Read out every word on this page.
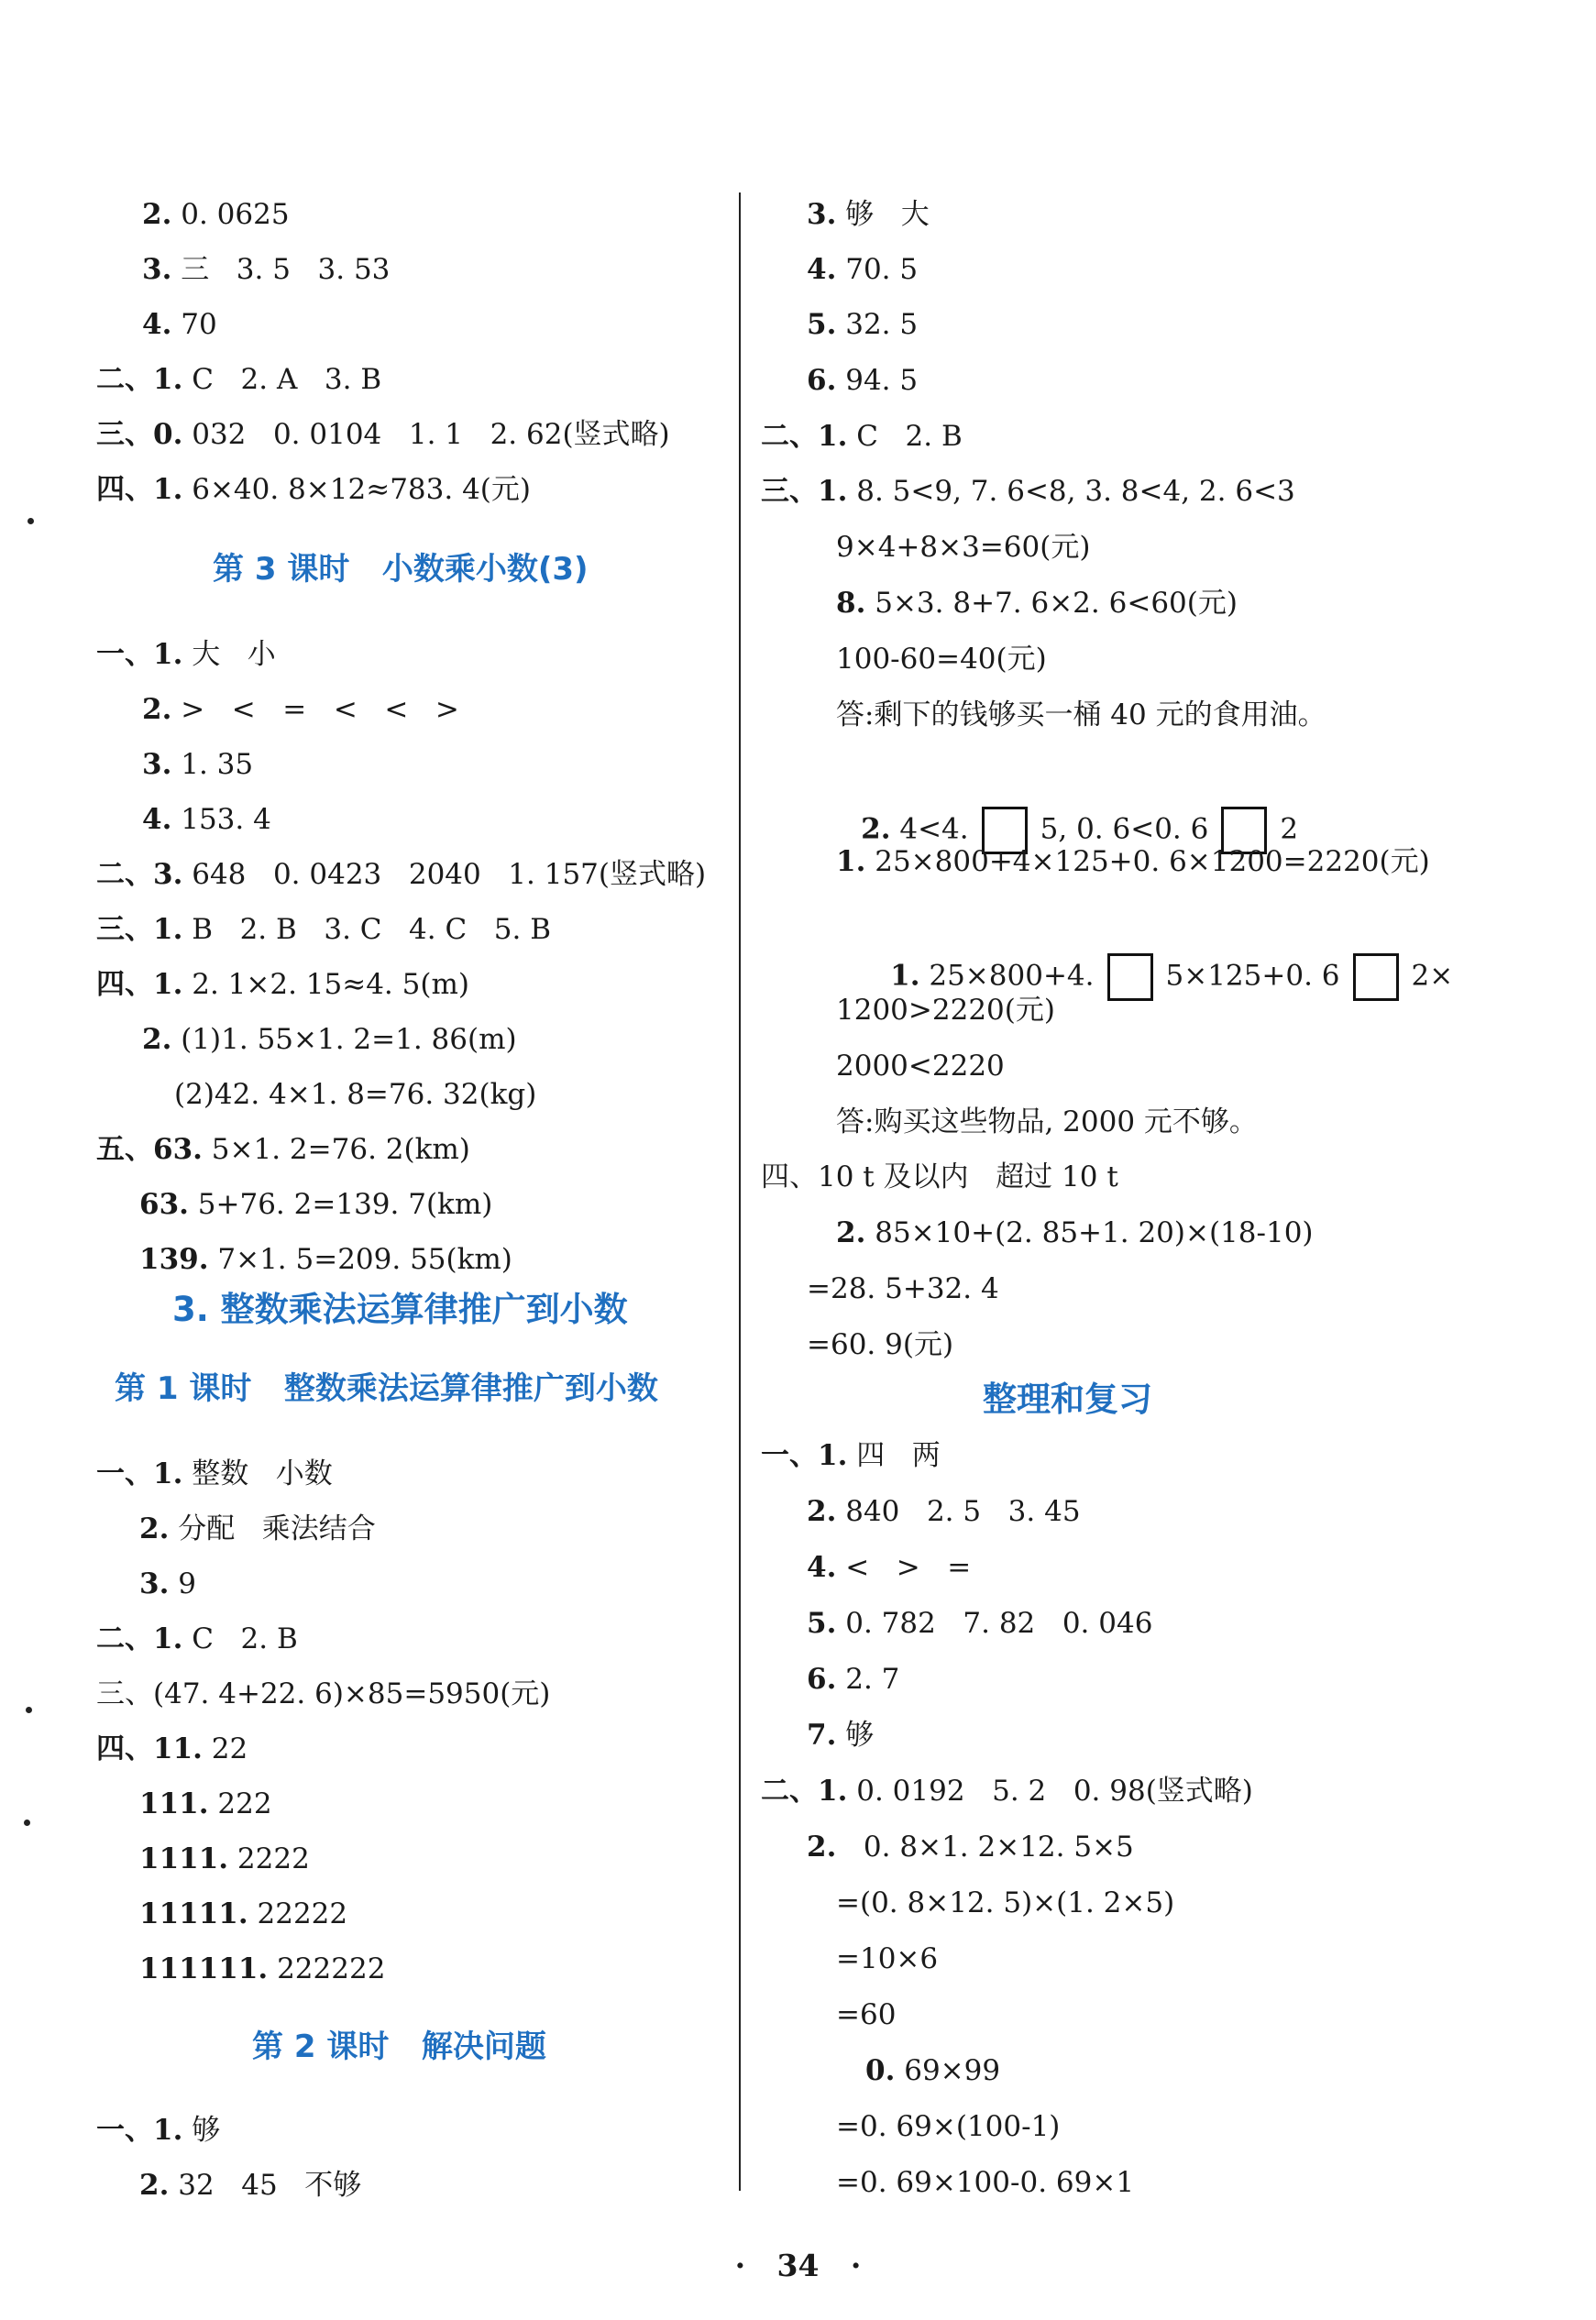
2. 0. 0625
3. 三   3. 5   3. 53
4. 70
二、1. C   2. A   3. B
三、0. 032   0. 0104   1. 1   2. 62(竖式略)
四、1. 6×40. 8×12≈783. 4(元)
第 3 课时   小数乘小数(3)
一、1. 大   小
2. >   <   =   <   <   >
3. 1. 35
4. 153. 4
二、3. 648   0. 0423   2040   1. 157(竖式略)
三、1. B   2. B   3. C   4. C   5. B
四、1. 2. 1×2. 15≈4. 5(m)
2. (1)1. 55×1. 2=1. 86(m)
(2)42. 4×1. 8=76. 32(kg)
五、63. 5×1. 2=76. 2(km)
63. 5+76. 2=139. 7(km)
139. 7×1. 5=209. 55(km)
3. 整数乘法运算律推广到小数
第 1 课时   整数乘法运算律推广到小数
一、1. 整数   小数
2. 分配   乘法结合
3. 9
二、1. C   2. B
三、(47. 4+22. 6)×85=5950(元)
四、11. 22
111. 222
1111. 2222
11111. 22222
111111. 222222
第 2 课时   解决问题
一、1. 够
2. 32   45   不够
3. 够   大
4. 70. 5
5. 32. 5
6. 94. 5
二、1. C   2. B
三、1. 8. 5<9, 7. 6<8, 3. 8<4, 2. 6<3
9×4+8×3=60(元)
8. 5×3. 8+7. 6×2. 6<60(元)
100-60=40(元)
答:剩下的钱够买一桶 40 元的食用油。

2. 4<4.	5, 0. 6<0. 6	2

1. 25×800+4×125+0. 6×1200=2220(元)

1. 25×800+4.	5×125+0. 6	2×

1200>2220(元)
2000<2220
答:购买这些物品, 2000 元不够。
四、10 t 及以内   超过 10 t
2. 85×10+(2. 85+1. 20)×(18-10)
=28. 5+32. 4
=60. 9(元)
整理和复习
一、1. 四   两
2. 840   2. 5   3. 45
4. <   >   =
5. 0. 782   7. 82   0. 046
6. 2. 7
7. 够
二、1. 0. 0192   5. 2   0. 98(竖式略)
2.   0. 8×1. 2×12. 5×5
=(0. 8×12. 5)×(1. 2×5)
=10×6
=60
0. 69×99
=0. 69×(100-1)
=0. 69×100-0. 69×1
·   34   ·
